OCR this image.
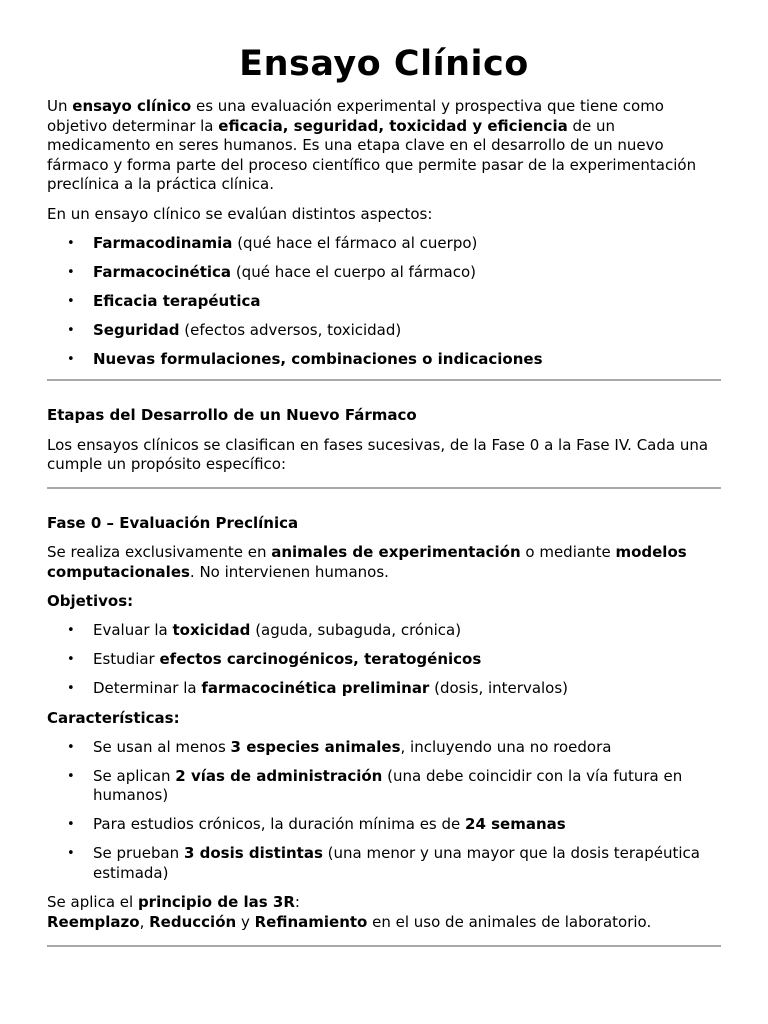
Ensayo Clínico

Un ensayo clínico es una evaluación experimental y prospectiva que tiene como objetivo determinar la eficacia, seguridad, toxicidad y eficiencia de un medicamento en seres humanos. Es una etapa clave en el desarrollo de un nuevo fármaco y forma parte del proceso científico que permite pasar de la experimentación preclínica a la práctica clínica.

En un ensayo clínico se evalúan distintos aspectos:

• Farmacodinamia (qué hace el fármaco al cuerpo)
• Farmacocinética (qué hace el cuerpo al fármaco)
• Eficacia terapéutica
• Seguridad (efectos adversos, toxicidad)
• Nuevas formulaciones, combinaciones o indicaciones

Etapas del Desarrollo de un Nuevo Fármaco

Los ensayos clínicos se clasifican en fases sucesivas, de la Fase 0 a la Fase IV. Cada una cumple un propósito específico:

Fase 0 – Evaluación Preclínica

Se realiza exclusivamente en animales de experimentación o mediante modelos computacionales. No intervienen humanos.

Objetivos:

• Evaluar la toxicidad (aguda, subaguda, crónica)
• Estudiar efectos carcinogénicos, teratogénicos
• Determinar la farmacocinética preliminar (dosis, intervalos)

Características:

• Se usan al menos 3 especies animales, incluyendo una no roedora
• Se aplican 2 vías de administración (una debe coincidir con la vía futura en humanos)
• Para estudios crónicos, la duración mínima es de 24 semanas
• Se prueban 3 dosis distintas (una menor y una mayor que la dosis terapéutica estimada)

Se aplica el principio de las 3R:
Reemplazo, Reducción y Refinamiento en el uso de animales de laboratorio.
